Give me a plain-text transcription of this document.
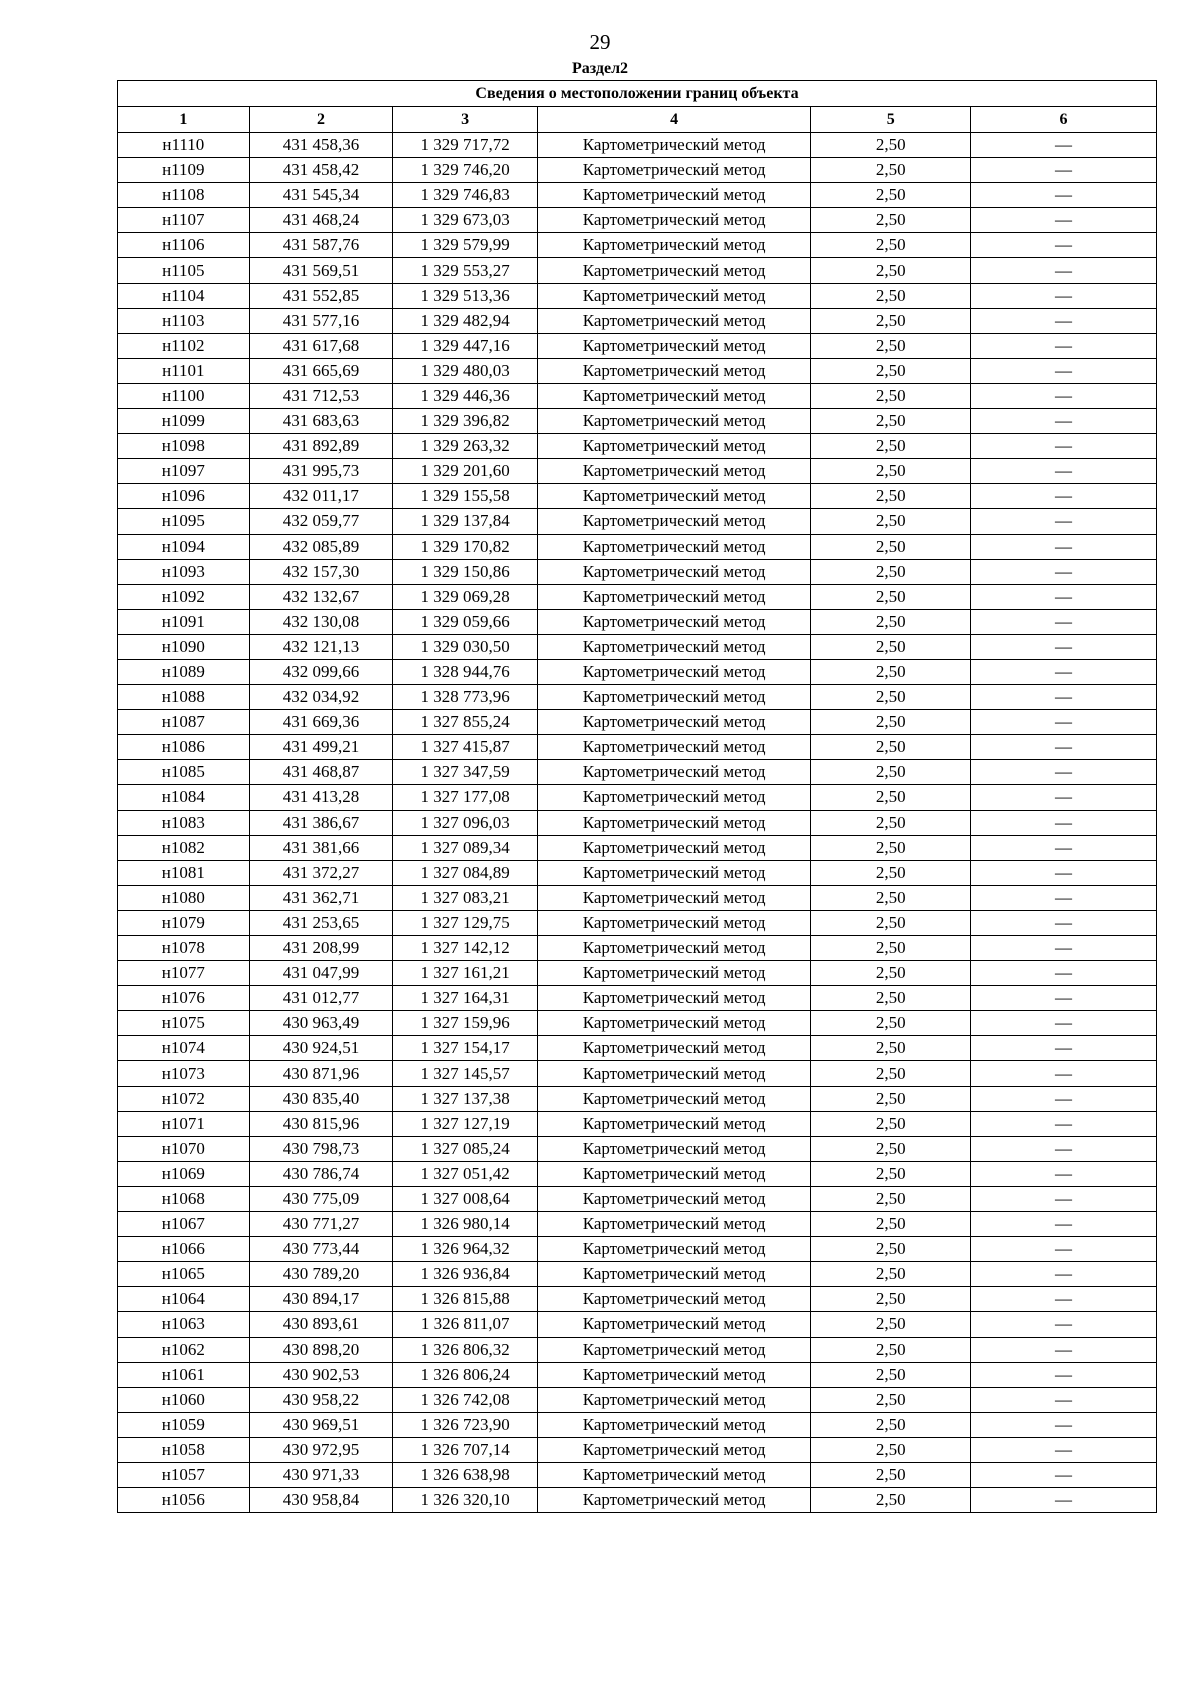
29
Раздел2
Сведения о местоположении границ объекта					
1	2	3	4	5	6
н1110	431 458,36	1 329 717,72	Картометрический метод	2,50	—
н1109	431 458,42	1 329 746,20	Картометрический метод	2,50	—
н1108	431 545,34	1 329 746,83	Картометрический метод	2,50	—
н1107	431 468,24	1 329 673,03	Картометрический метод	2,50	—
н1106	431 587,76	1 329 579,99	Картометрический метод	2,50	—
н1105	431 569,51	1 329 553,27	Картометрический метод	2,50	—
н1104	431 552,85	1 329 513,36	Картометрический метод	2,50	—
н1103	431 577,16	1 329 482,94	Картометрический метод	2,50	—
н1102	431 617,68	1 329 447,16	Картометрический метод	2,50	—
н1101	431 665,69	1 329 480,03	Картометрический метод	2,50	—
н1100	431 712,53	1 329 446,36	Картометрический метод	2,50	—
н1099	431 683,63	1 329 396,82	Картометрический метод	2,50	—
н1098	431 892,89	1 329 263,32	Картометрический метод	2,50	—
н1097	431 995,73	1 329 201,60	Картометрический метод	2,50	—
н1096	432 011,17	1 329 155,58	Картометрический метод	2,50	—
н1095	432 059,77	1 329 137,84	Картометрический метод	2,50	—
н1094	432 085,89	1 329 170,82	Картометрический метод	2,50	—
н1093	432 157,30	1 329 150,86	Картометрический метод	2,50	—
н1092	432 132,67	1 329 069,28	Картометрический метод	2,50	—
н1091	432 130,08	1 329 059,66	Картометрический метод	2,50	—
н1090	432 121,13	1 329 030,50	Картометрический метод	2,50	—
н1089	432 099,66	1 328 944,76	Картометрический метод	2,50	—
н1088	432 034,92	1 328 773,96	Картометрический метод	2,50	—
н1087	431 669,36	1 327 855,24	Картометрический метод	2,50	—
н1086	431 499,21	1 327 415,87	Картометрический метод	2,50	—
н1085	431 468,87	1 327 347,59	Картометрический метод	2,50	—
н1084	431 413,28	1 327 177,08	Картометрический метод	2,50	—
н1083	431 386,67	1 327 096,03	Картометрический метод	2,50	—
н1082	431 381,66	1 327 089,34	Картометрический метод	2,50	—
н1081	431 372,27	1 327 084,89	Картометрический метод	2,50	—
н1080	431 362,71	1 327 083,21	Картометрический метод	2,50	—
н1079	431 253,65	1 327 129,75	Картометрический метод	2,50	—
н1078	431 208,99	1 327 142,12	Картометрический метод	2,50	—
н1077	431 047,99	1 327 161,21	Картометрический метод	2,50	—
н1076	431 012,77	1 327 164,31	Картометрический метод	2,50	—
н1075	430 963,49	1 327 159,96	Картометрический метод	2,50	—
н1074	430 924,51	1 327 154,17	Картометрический метод	2,50	—
н1073	430 871,96	1 327 145,57	Картометрический метод	2,50	—
н1072	430 835,40	1 327 137,38	Картометрический метод	2,50	—
н1071	430 815,96	1 327 127,19	Картометрический метод	2,50	—
н1070	430 798,73	1 327 085,24	Картометрический метод	2,50	—
н1069	430 786,74	1 327 051,42	Картометрический метод	2,50	—
н1068	430 775,09	1 327 008,64	Картометрический метод	2,50	—
н1067	430 771,27	1 326 980,14	Картометрический метод	2,50	—
н1066	430 773,44	1 326 964,32	Картометрический метод	2,50	—
н1065	430 789,20	1 326 936,84	Картометрический метод	2,50	—
н1064	430 894,17	1 326 815,88	Картометрический метод	2,50	—
н1063	430 893,61	1 326 811,07	Картометрический метод	2,50	—
н1062	430 898,20	1 326 806,32	Картометрический метод	2,50	—
н1061	430 902,53	1 326 806,24	Картометрический метод	2,50	—
н1060	430 958,22	1 326 742,08	Картометрический метод	2,50	—
н1059	430 969,51	1 326 723,90	Картометрический метод	2,50	—
н1058	430 972,95	1 326 707,14	Картометрический метод	2,50	—
н1057	430 971,33	1 326 638,98	Картометрический метод	2,50	—
н1056	430 958,84	1 326 320,10	Картометрический метод	2,50	—
